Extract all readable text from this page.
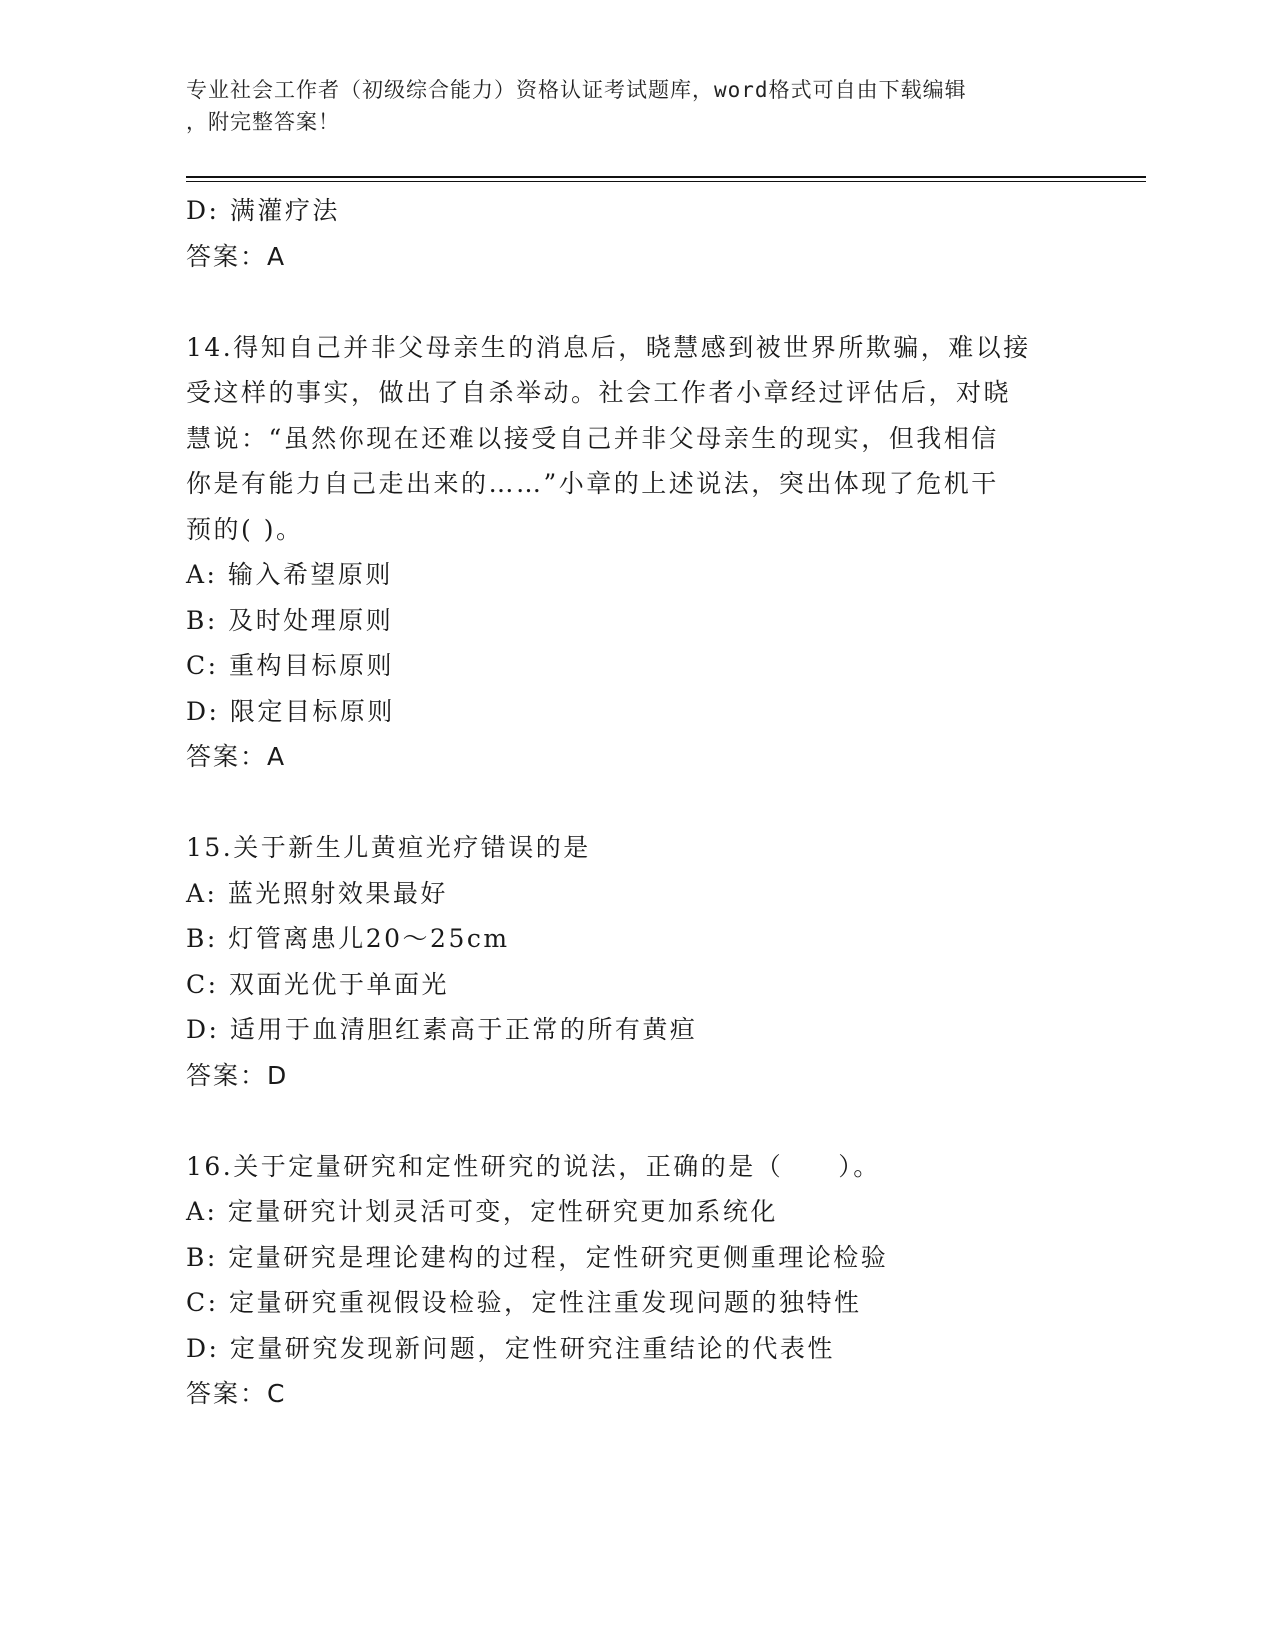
专业社会工作者（初级综合能力）资格认证考试题库，word格式可自由下载编辑
，附完整答案！
D: 满灌疗法
答案：A
14.得知自己并非父母亲生的消息后，晓慧感到被世界所欺骗，难以接
受这样的事实，做出了自杀举动。社会工作者小章经过评估后，对晓
慧说：“虽然你现在还难以接受自己并非父母亲生的现实，但我相信
你是有能力自己走出来的……”小章的上述说法，突出体现了危机干
预的( )。
A: 输入希望原则
B: 及时处理原则
C: 重构目标原则
D: 限定目标原则
答案：A
15.关于新生儿黄疸光疗错误的是
A: 蓝光照射效果最好
B: 灯管离患儿20～25cm
C: 双面光优于单面光
D: 适用于血清胆红素高于正常的所有黄疸
答案：D
16.关于定量研究和定性研究的说法，正确的是（　　）。
A: 定量研究计划灵活可变，定性研究更加系统化
B: 定量研究是理论建构的过程，定性研究更侧重理论检验
C: 定量研究重视假设检验，定性注重发现问题的独特性
D: 定量研究发现新问题，定性研究注重结论的代表性
答案：C
